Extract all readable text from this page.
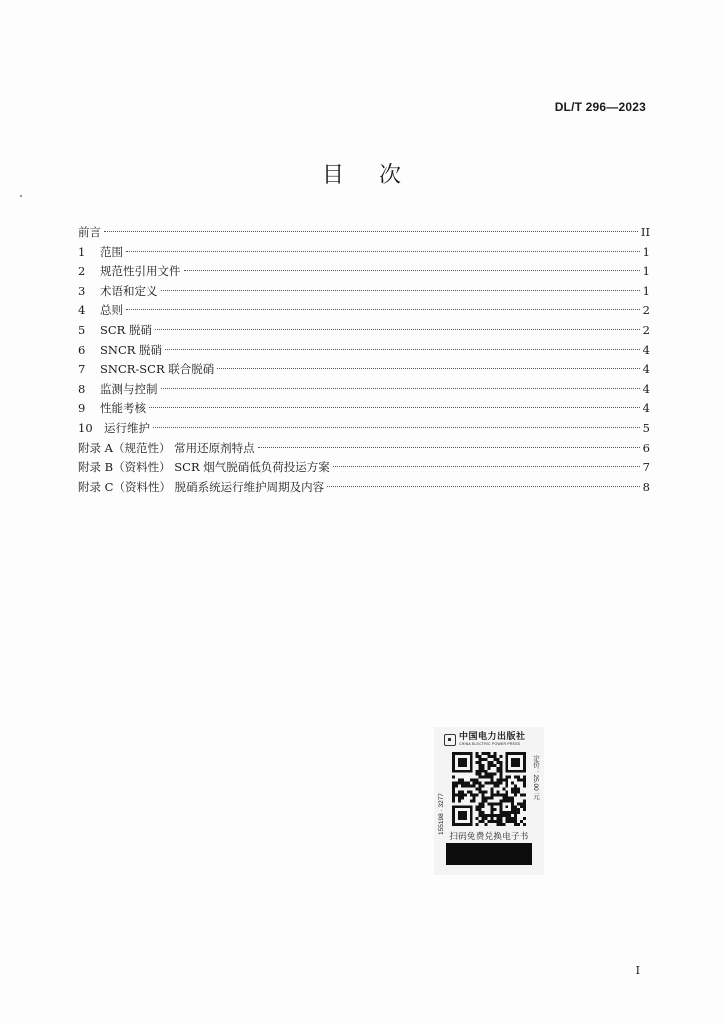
DL/T 296—2023
目 次
前言	II
1	范围	1
2	规范性引用文件	1
3	术语和定义	1
4	总则	2
5	SCR 脱硝	2
6	SNCR 脱硝	4
7	SNCR-SCR 联合脱硝	4
8	监测与控制	4
9	性能考核	4
10 运行维护	5
附录 A（规范性） 常用还原剂特点	6
附录 B（资料性） SCR 烟气脱硝低负荷投运方案	7
附录 C（资料性） 脱硝系统运行维护周期及内容	8
中国电力出版社
CHINA ELECTRIC POWER PRESS
155198 · 3277
定价：25.00 元
扫码免费兑换电子书
I
